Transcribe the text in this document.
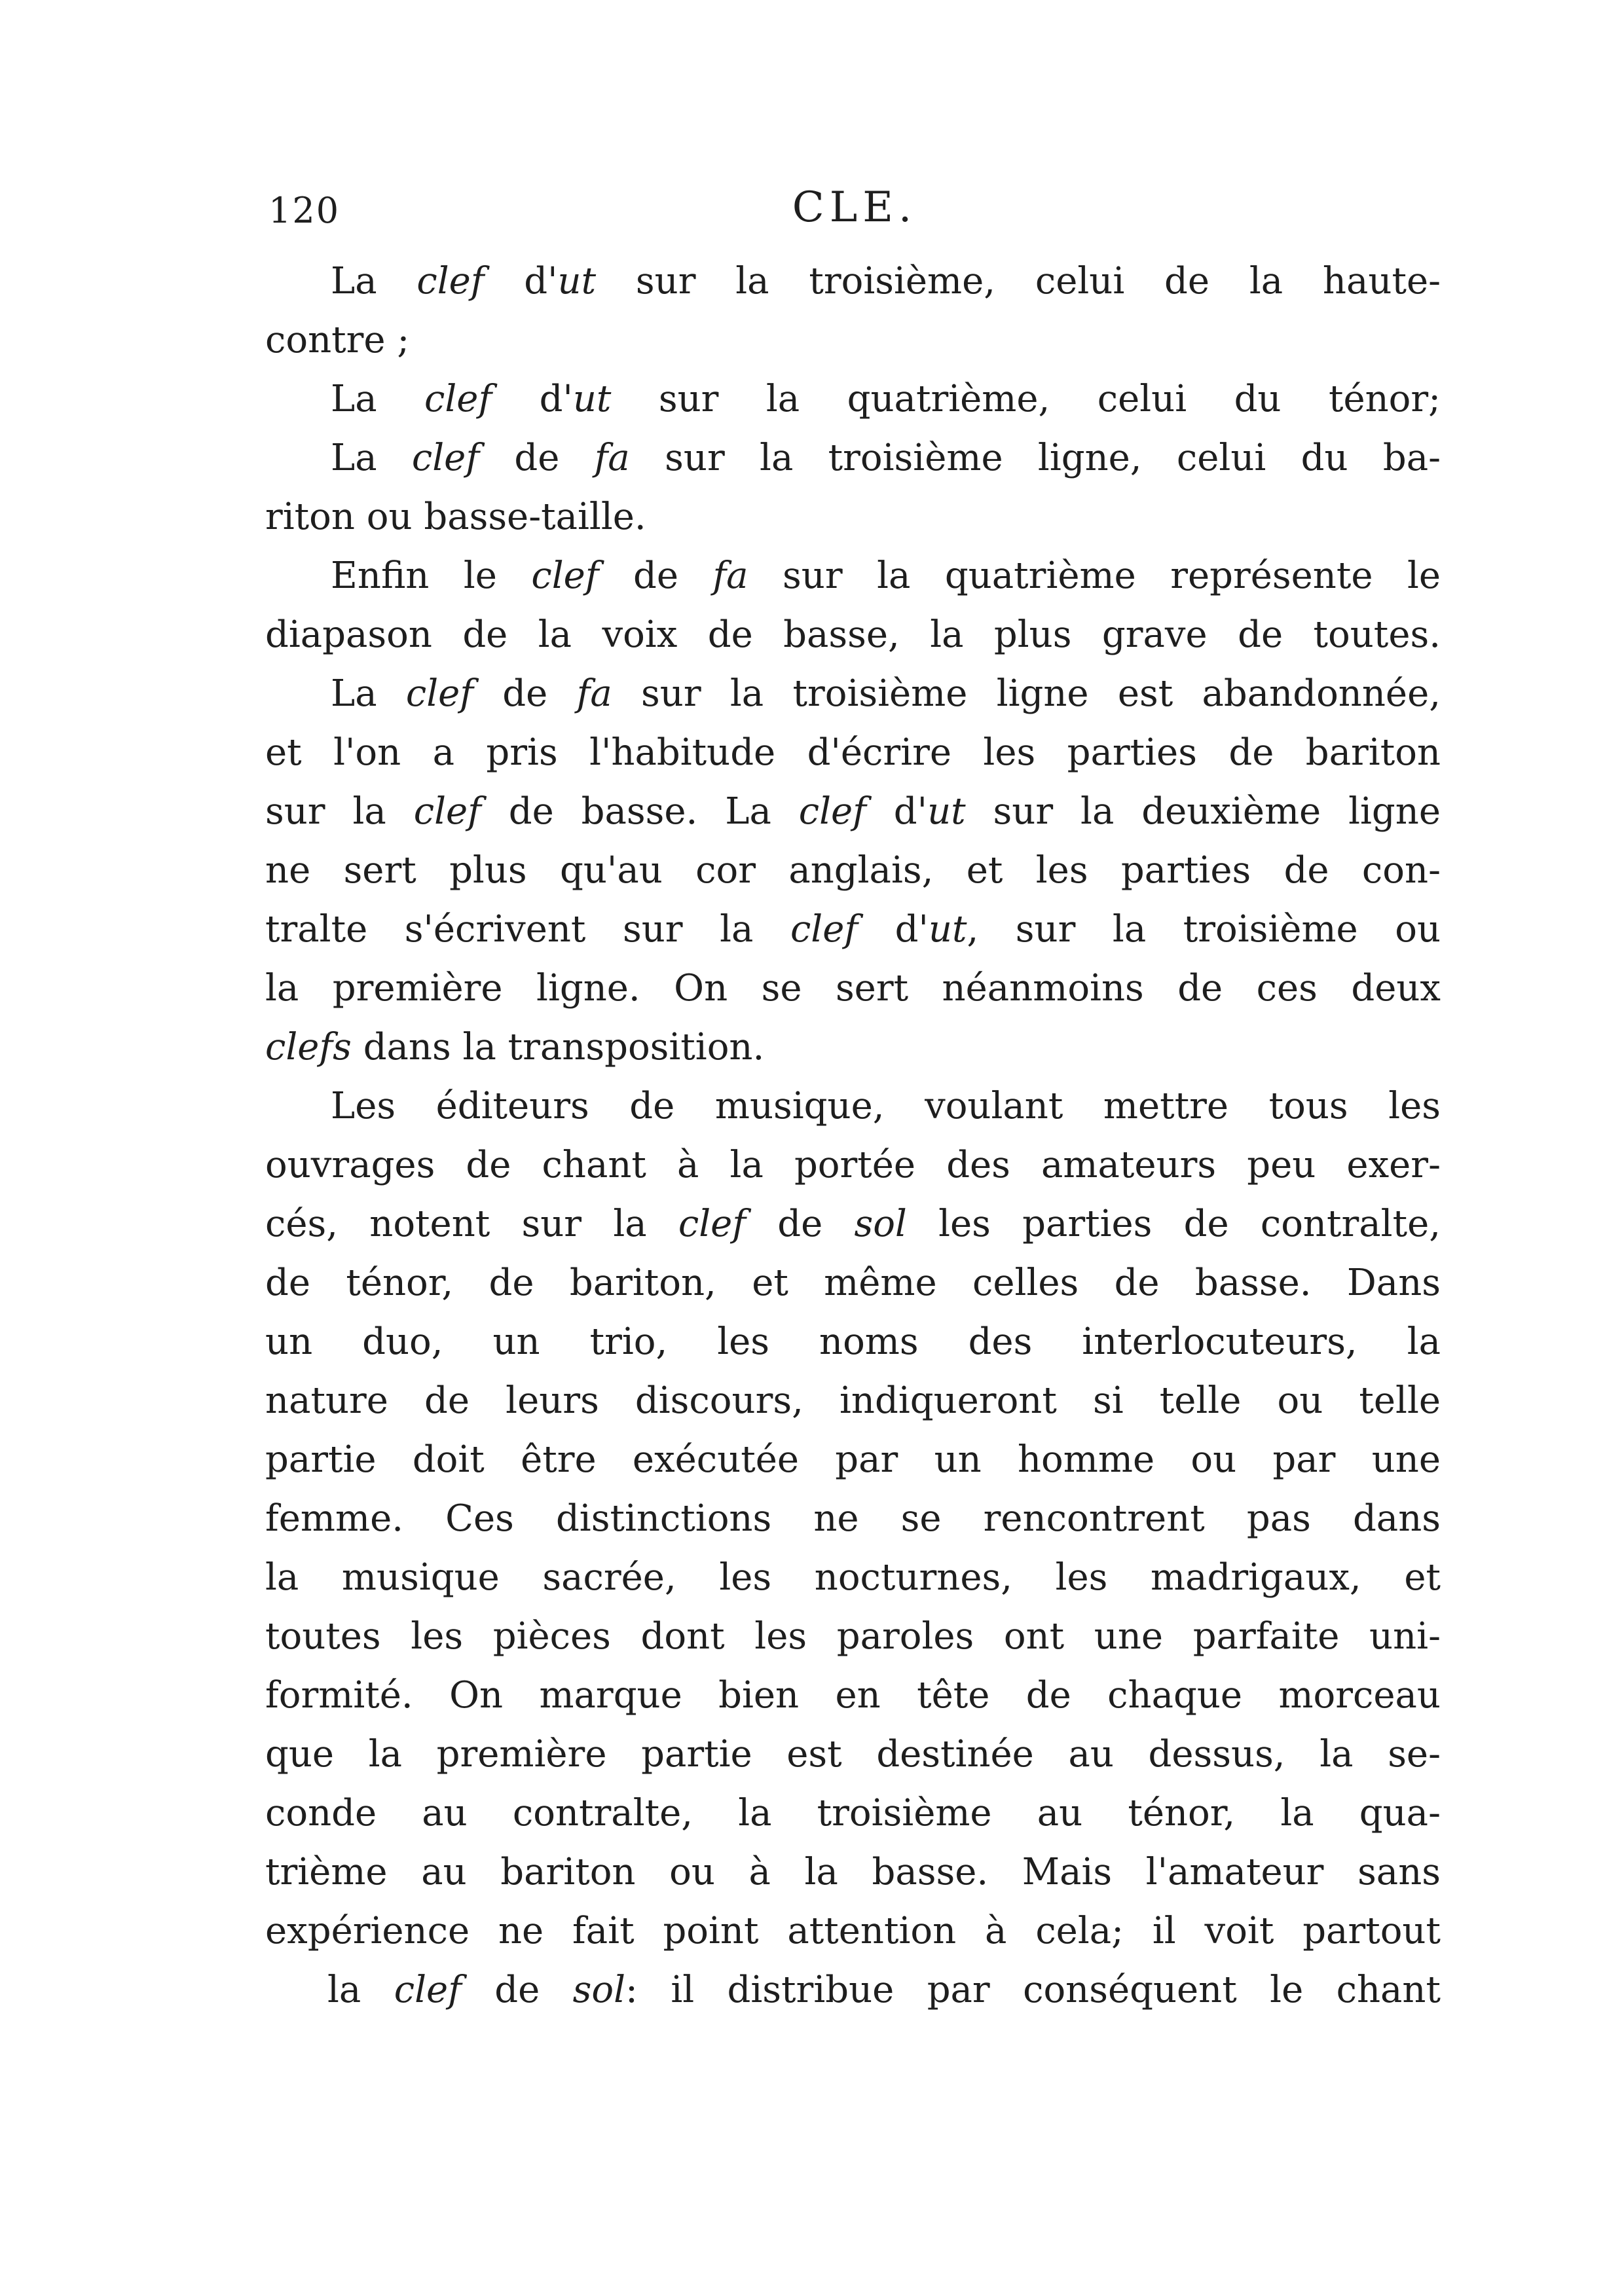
120	CLE.
La clef d'ut sur la troisième, celui de la haute-
contre ;
La clef d'ut sur la quatrième, celui du ténor;
La clef de fa sur la troisième ligne, celui du ba-
riton ou basse-taille.
Enfin le clef de fa sur la quatrième représente le
diapason de la voix de basse, la plus grave de toutes.
La clef de fa sur la troisième ligne est abandonnée,
et l'on a pris l'habitude d'écrire les parties de bariton
sur la clef de basse. La clef d'ut sur la deuxième ligne
ne sert plus qu'au cor anglais, et les parties de con-
tralte s'écrivent sur la clef d'ut, sur la troisième ou
la première ligne. On se sert néanmoins de ces deux
clefs dans la transposition.
Les éditeurs de musique, voulant mettre tous les
ouvrages de chant à la portée des amateurs peu exer-
cés, notent sur la clef de sol les parties de contralte,
de ténor, de bariton, et même celles de basse. Dans
un duo, un trio, les noms des interlocuteurs, la
nature de leurs discours, indiqueront si telle ou telle
partie doit être exécutée par un homme ou par une
femme. Ces distinctions ne se rencontrent pas dans
la musique sacrée, les nocturnes, les madrigaux, et
toutes les pièces dont les paroles ont une parfaite uni-
formité. On marque bien en tête de chaque morceau
que la première partie est destinée au dessus, la se-
conde au contralte, la troisième au ténor, la qua-
trième au bariton ou à la basse. Mais l'amateur sans
expérience ne fait point attention à cela; il voit partout
la clef de sol: il distribue par conséquent le chant
